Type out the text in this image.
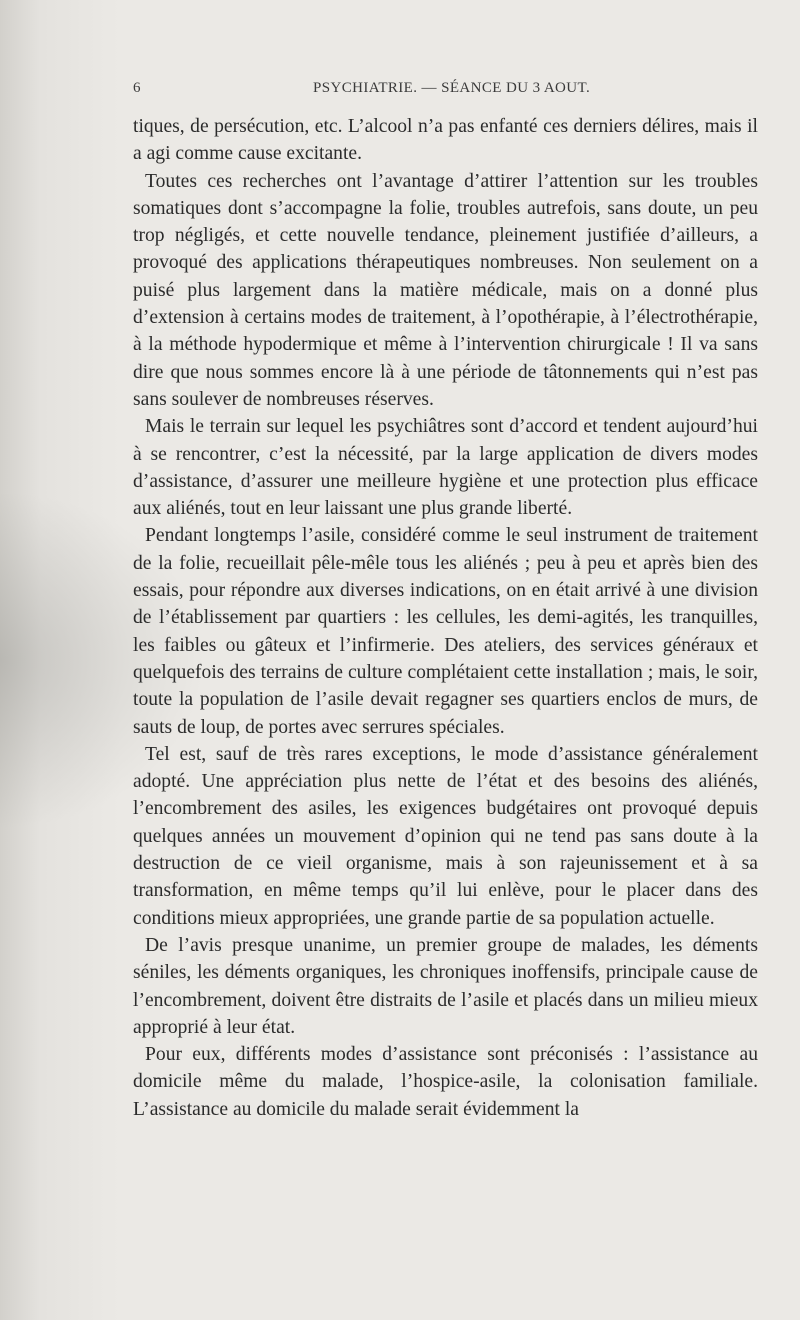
6	PSYCHIATRIE. — SÉANCE DU 3 AOUT.

tiques, de persécution, etc. L’alcool n’a pas enfanté ces derniers délires, mais il a agi comme cause excitante.

Toutes ces recherches ont l’avantage d’attirer l’attention sur les troubles somatiques dont s’accompagne la folie, troubles autrefois, sans doute, un peu trop négligés, et cette nouvelle tendance, pleinement justifiée d’ailleurs, a provoqué des applications thérapeutiques nombreuses. Non seulement on a puisé plus largement dans la matière médicale, mais on a donné plus d’extension à certains modes de traitement, à l’opothérapie, à l’électrothérapie, à la méthode hypodermique et même à l’intervention chirurgicale ! Il va sans dire que nous sommes encore là à une période de tâtonnements qui n’est pas sans soulever de nombreuses réserves.

Mais le terrain sur lequel les psychiâtres sont d’accord et tendent aujourd’hui à se rencontrer, c’est la nécessité, par la large application de divers modes d’assistance, d’assurer une meilleure hygiène et une protection plus efficace aux aliénés, tout en leur laissant une plus grande liberté.

Pendant longtemps l’asile, considéré comme le seul instrument de traitement de la folie, recueillait pêle-mêle tous les aliénés ; peu à peu et après bien des essais, pour répondre aux diverses indications, on en était arrivé à une division de l’établissement par quartiers : les cellules, les demi-agités, les tranquilles, les faibles ou gâteux et l’infirmerie. Des ateliers, des services généraux et quelquefois des terrains de culture complétaient cette installation ; mais, le soir, toute la population de l’asile devait regagner ses quartiers enclos de murs, de sauts de loup, de portes avec serrures spéciales.

Tel est, sauf de très rares exceptions, le mode d’assistance généralement adopté. Une appréciation plus nette de l’état et des besoins des aliénés, l’encombrement des asiles, les exigences budgétaires ont provoqué depuis quelques années un mouvement d’opinion qui ne tend pas sans doute à la destruction de ce vieil organisme, mais à son rajeunissement et à sa transformation, en même temps qu’il lui enlève, pour le placer dans des conditions mieux appropriées, une grande partie de sa population actuelle.

De l’avis presque unanime, un premier groupe de malades, les déments séniles, les déments organiques, les chroniques inoffensifs, principale cause de l’encombrement, doivent être distraits de l’asile et placés dans un milieu mieux approprié à leur état.

Pour eux, différents modes d’assistance sont préconisés : l’assistance au domicile même du malade, l’hospice-asile, la colonisation familiale. L’assistance au domicile du malade serait évidemment la
